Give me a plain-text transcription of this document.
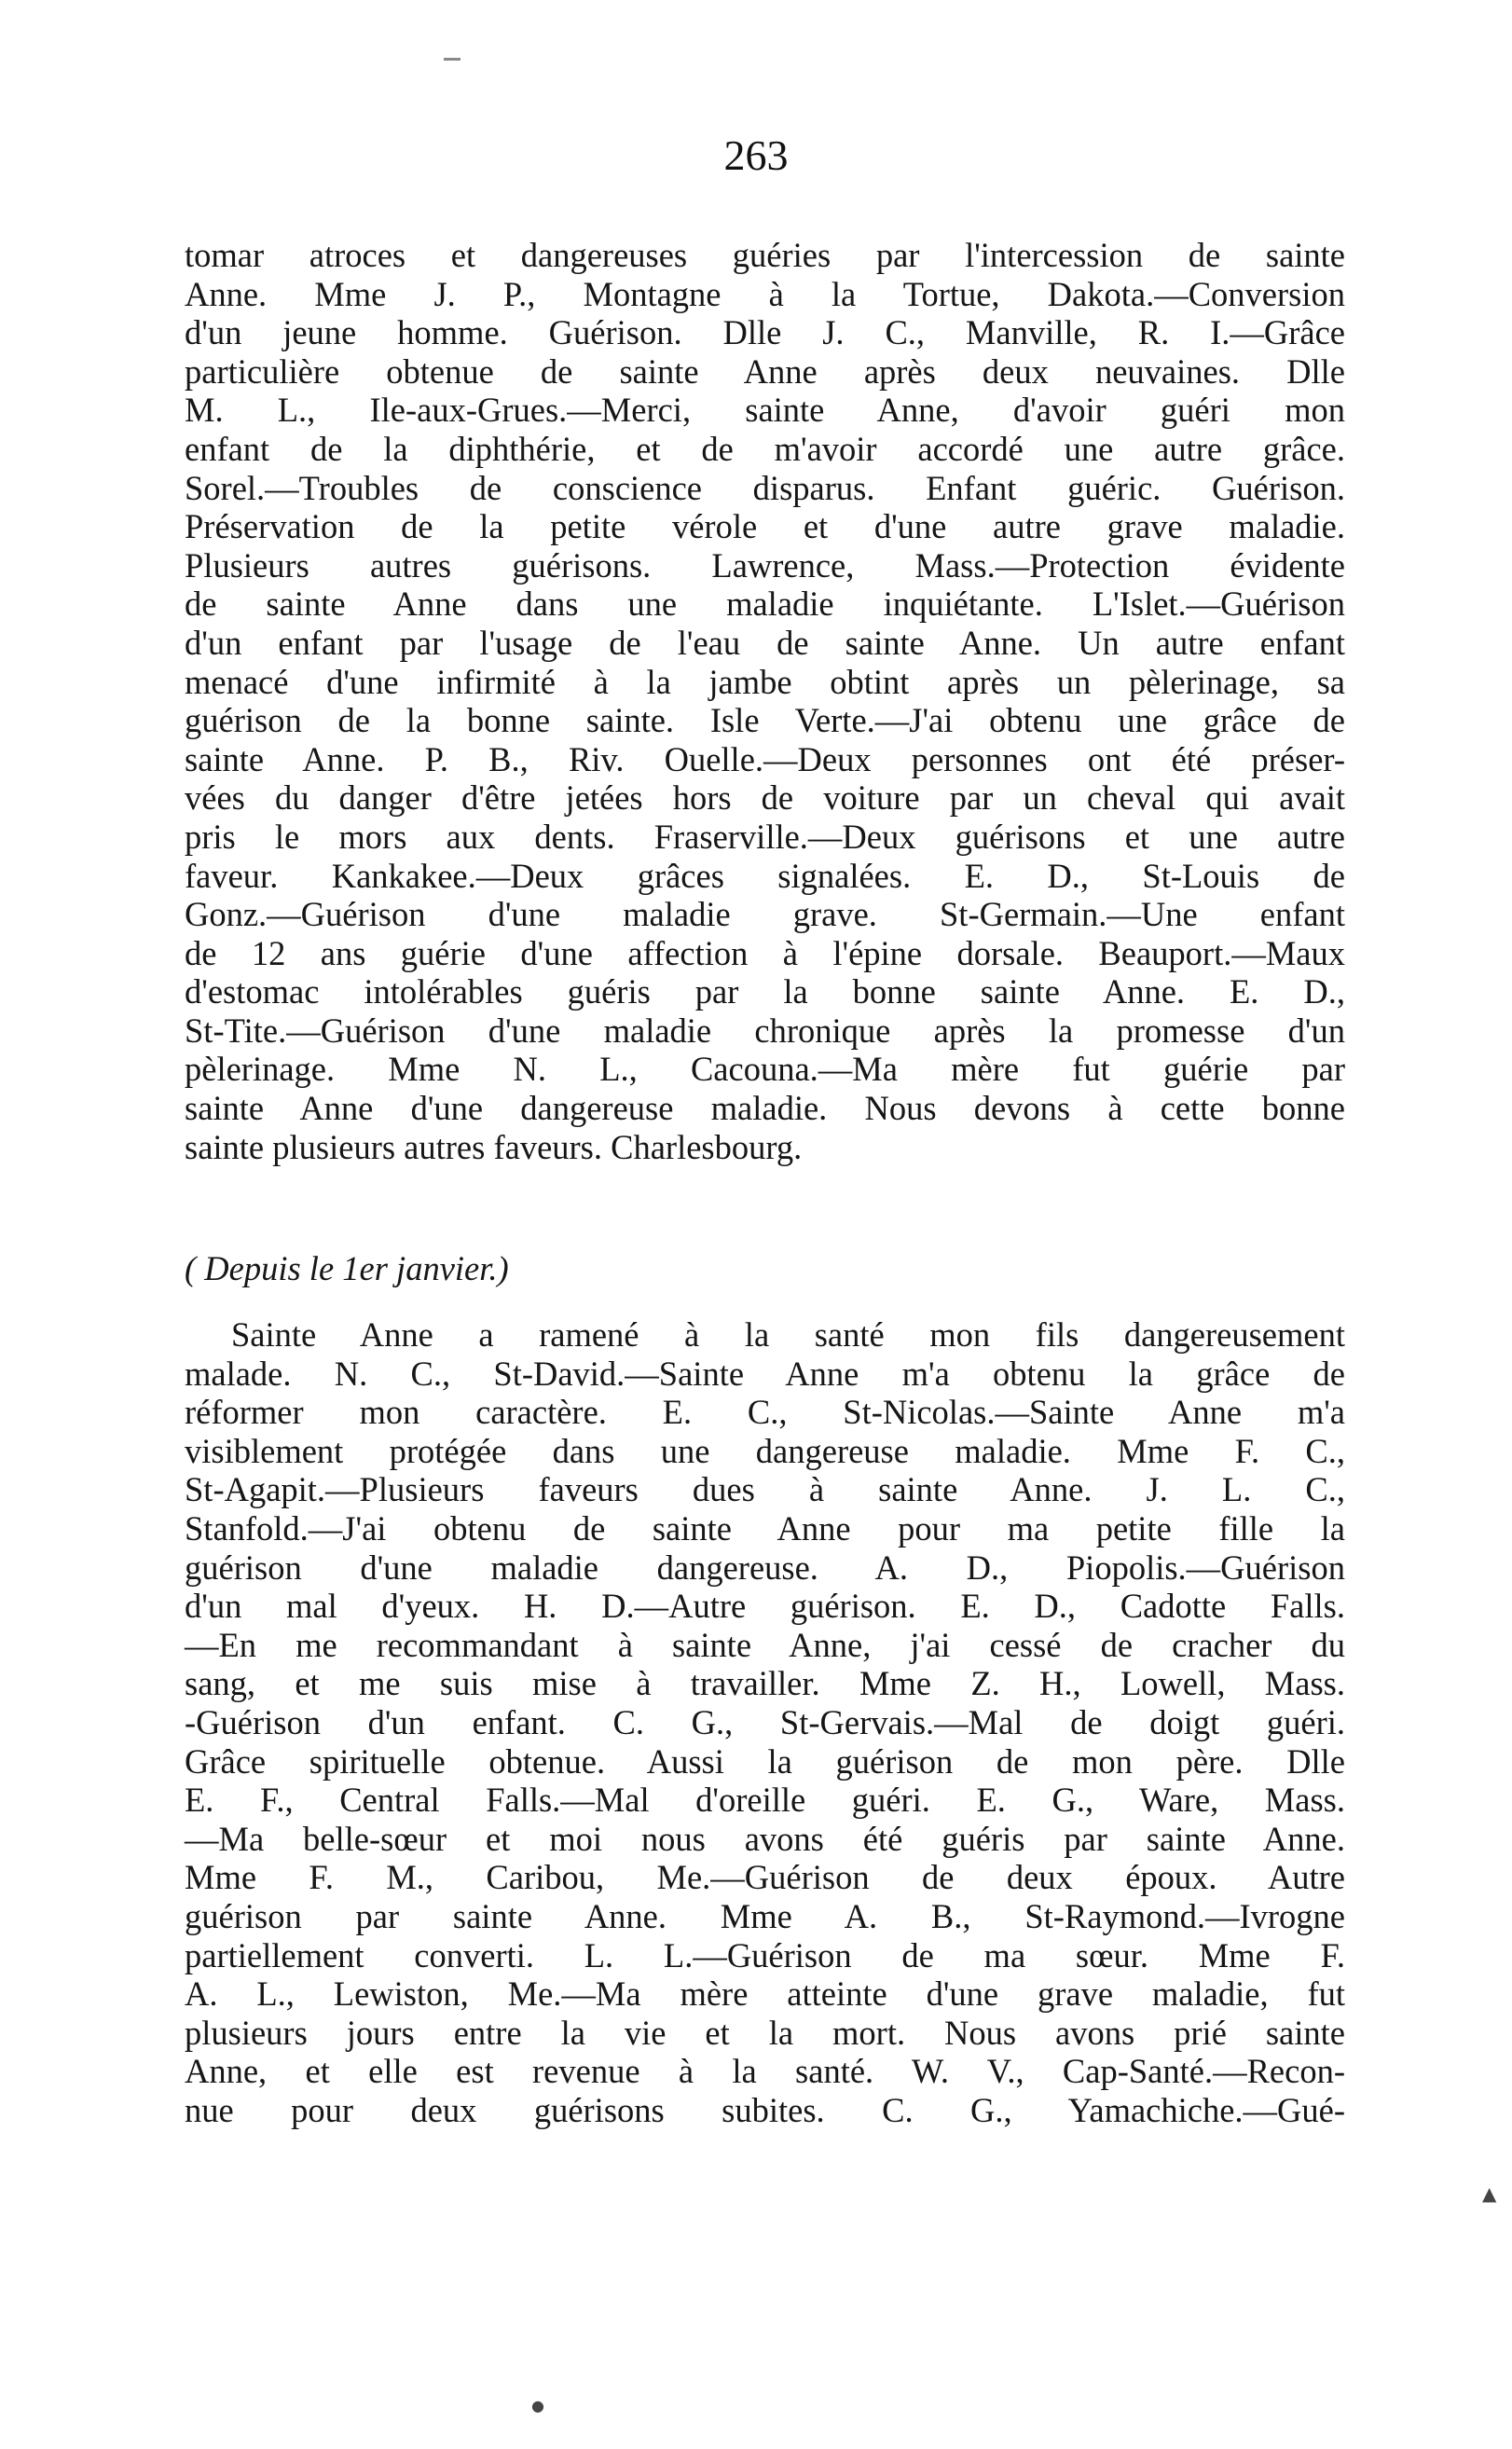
263
tomar atroces et dangereuses guéries par l'intercession de sainte
Anne. Mme J. P., Montagne à la Tortue, Dakota.—Conversion
d'un jeune homme. Guérison. Dlle J. C., Manville, R. I.—Grâce
particulière obtenue de sainte Anne après deux neuvaines. Dlle
M. L., Ile-aux-Grues.—Merci, sainte Anne, d'avoir guéri mon
enfant de la diphthérie, et de m'avoir accordé une autre grâce.
Sorel.—Troubles de conscience disparus. Enfant guéric. Guérison.
Préservation de la petite vérole et d'une autre grave maladie.
Plusieurs autres guérisons. Lawrence, Mass.—Protection évidente
de sainte Anne dans une maladie inquiétante. L'Islet.—Guérison
d'un enfant par l'usage de l'eau de sainte Anne. Un autre enfant
menacé d'une infirmité à la jambe obtint après un pèlerinage, sa
guérison de la bonne sainte. Isle Verte.—J'ai obtenu une grâce de
sainte Anne. P. B., Riv. Ouelle.—Deux personnes ont été préser-
vées du danger d'être jetées hors de voiture par un cheval qui avait
pris le mors aux dents. Fraserville.—Deux guérisons et une autre
faveur. Kankakee.—Deux grâces signalées. E. D., St-Louis de
Gonz.—Guérison d'une maladie grave. St-Germain.—Une enfant
de 12 ans guérie d'une affection à l'épine dorsale. Beauport.—Maux
d'estomac intolérables guéris par la bonne sainte Anne. E. D.,
St-Tite.—Guérison d'une maladie chronique après la promesse d'un
pèlerinage. Mme N. L., Cacouna.—Ma mère fut guérie par
sainte Anne d'une dangereuse maladie. Nous devons à cette bonne
sainte plusieurs autres faveurs. Charlesbourg.
( Depuis le 1er janvier.)
Sainte Anne a ramené à la santé mon fils dangereusement
malade. N. C., St-David.—Sainte Anne m'a obtenu la grâce de
réformer mon caractère. E. C., St-Nicolas.—Sainte Anne m'a
visiblement protégée dans une dangereuse maladie. Mme F. C.,
St-Agapit.—Plusieurs faveurs dues à sainte Anne. J. L. C.,
Stanfold.—J'ai obtenu de sainte Anne pour ma petite fille la
guérison d'une maladie dangereuse. A. D., Piopolis.—Guérison
d'un mal d'yeux. H. D.—Autre guérison. E. D., Cadotte Falls.
—En me recommandant à sainte Anne, j'ai cessé de cracher du
sang, et me suis mise à travailler. Mme Z. H., Lowell, Mass.
-Guérison d'un enfant. C. G., St-Gervais.—Mal de doigt guéri.
Grâce spirituelle obtenue. Aussi la guérison de mon père. Dlle
E. F., Central Falls.—Mal d'oreille guéri. E. G., Ware, Mass.
—Ma belle-sœur et moi nous avons été guéris par sainte Anne.
Mme F. M., Caribou, Me.—Guérison de deux époux. Autre
guérison par sainte Anne. Mme A. B., St-Raymond.—Ivrogne
partiellement converti. L. L.—Guérison de ma sœur. Mme F.
A. L., Lewiston, Me.—Ma mère atteinte d'une grave maladie, fut
plusieurs jours entre la vie et la mort. Nous avons prié sainte
Anne, et elle est revenue à la santé. W. V., Cap-Santé.—Recon-
nue pour deux guérisons subites. C. G., Yamachiche.—Gué-
▲
●
